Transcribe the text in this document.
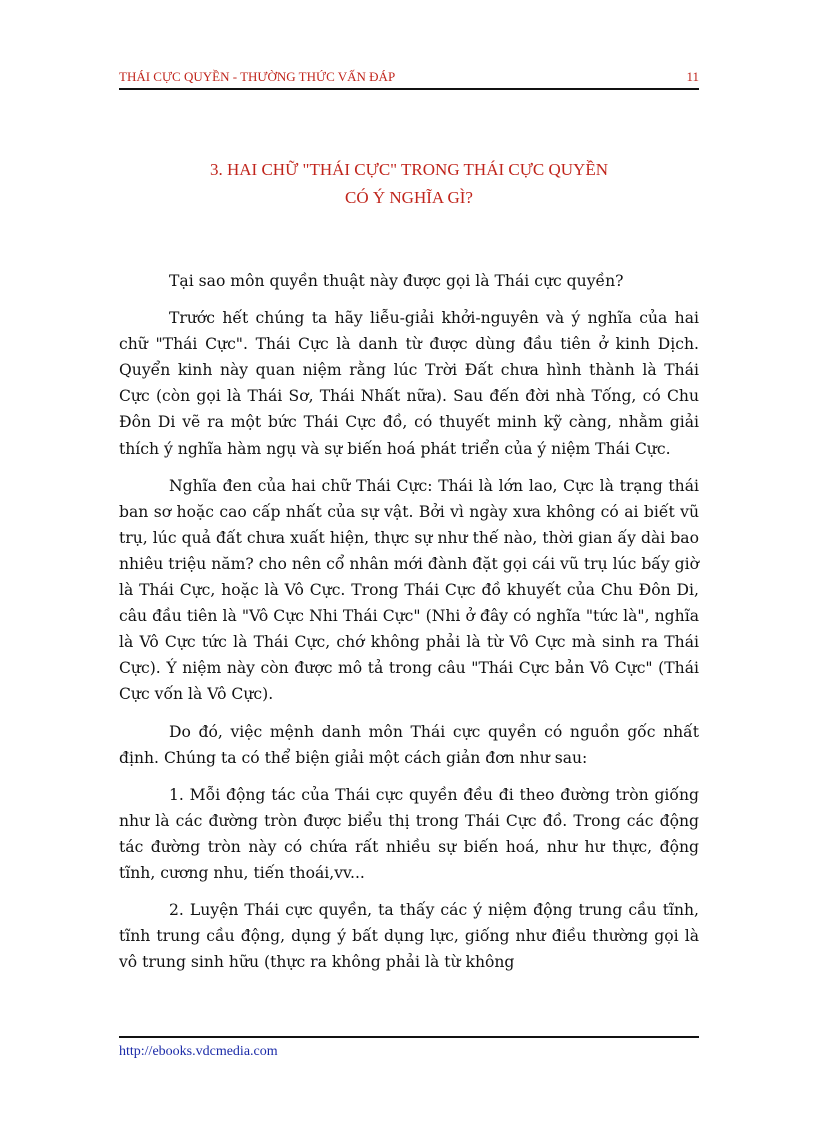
THÁI CỰC QUYỀN - THƯỜNG THỨC VẤN ĐÁP	11
3. HAI CHỮ "THÁI CỰC" TRONG THÁI CỰC QUYỀN
CÓ Ý NGHĨA GÌ?

Tại sao môn quyền thuật này được gọi là Thái cực quyền?

Trước hết chúng ta hãy liễu-giải khởi-nguyên và ý nghĩa của hai chữ "Thái Cực". Thái Cực là danh từ được dùng đầu tiên ở kinh Dịch. Quyển kinh này quan niệm rằng lúc Trời Đất chưa hình thành là Thái Cực (còn gọi là Thái Sơ, Thái Nhất nữa). Sau đến đời nhà Tống, có Chu Đôn Di vẽ ra một bức Thái Cực đồ, có thuyết minh kỹ càng, nhằm giải thích ý nghĩa hàm ngụ và sự biến hoá phát triển của ý niệm Thái Cực.

Nghĩa đen của hai chữ Thái Cực: Thái là lớn lao, Cực là trạng thái ban sơ hoặc cao cấp nhất của sự vật. Bởi vì ngày xưa không có ai biết vũ trụ, lúc quả đất chưa xuất hiện, thực sự như thế nào, thời gian ấy dài bao nhiêu triệu năm? cho nên cổ nhân mới đành đặt gọi cái vũ trụ lúc bấy giờ là Thái Cực, hoặc là Vô Cực. Trong Thái Cực đồ khuyết của Chu Đôn Di, câu đầu tiên là "Vô Cực Nhi Thái Cực" (Nhi ở đây có nghĩa "tức là", nghĩa là Vô Cực tức là Thái Cực, chớ không phải là từ Vô Cực mà sinh ra Thái Cực). Ý niệm này còn được mô tả trong câu "Thái Cực bản Vô Cực" (Thái Cực vốn là Vô Cực).

Do đó, việc mệnh danh môn Thái cực quyền có nguồn gốc nhất định. Chúng ta có thể biện giải một cách giản đơn như sau:

1. Mỗi động tác của Thái cực quyền đều đi theo đường tròn giống như là các đường tròn được biểu thị trong Thái Cực đồ. Trong các động tác đường tròn này có chứa rất nhiều sự biến hoá, như hư thực, động tĩnh, cương nhu, tiến thoái,vv...

2. Luyện Thái cực quyền, ta thấy các ý niệm động trung cầu tĩnh, tĩnh trung cầu động, dụng ý bất dụng lực, giống như điều thường gọi là vô trung sinh hữu (thực ra không phải là từ không

http://ebooks.vdcmedia.com
